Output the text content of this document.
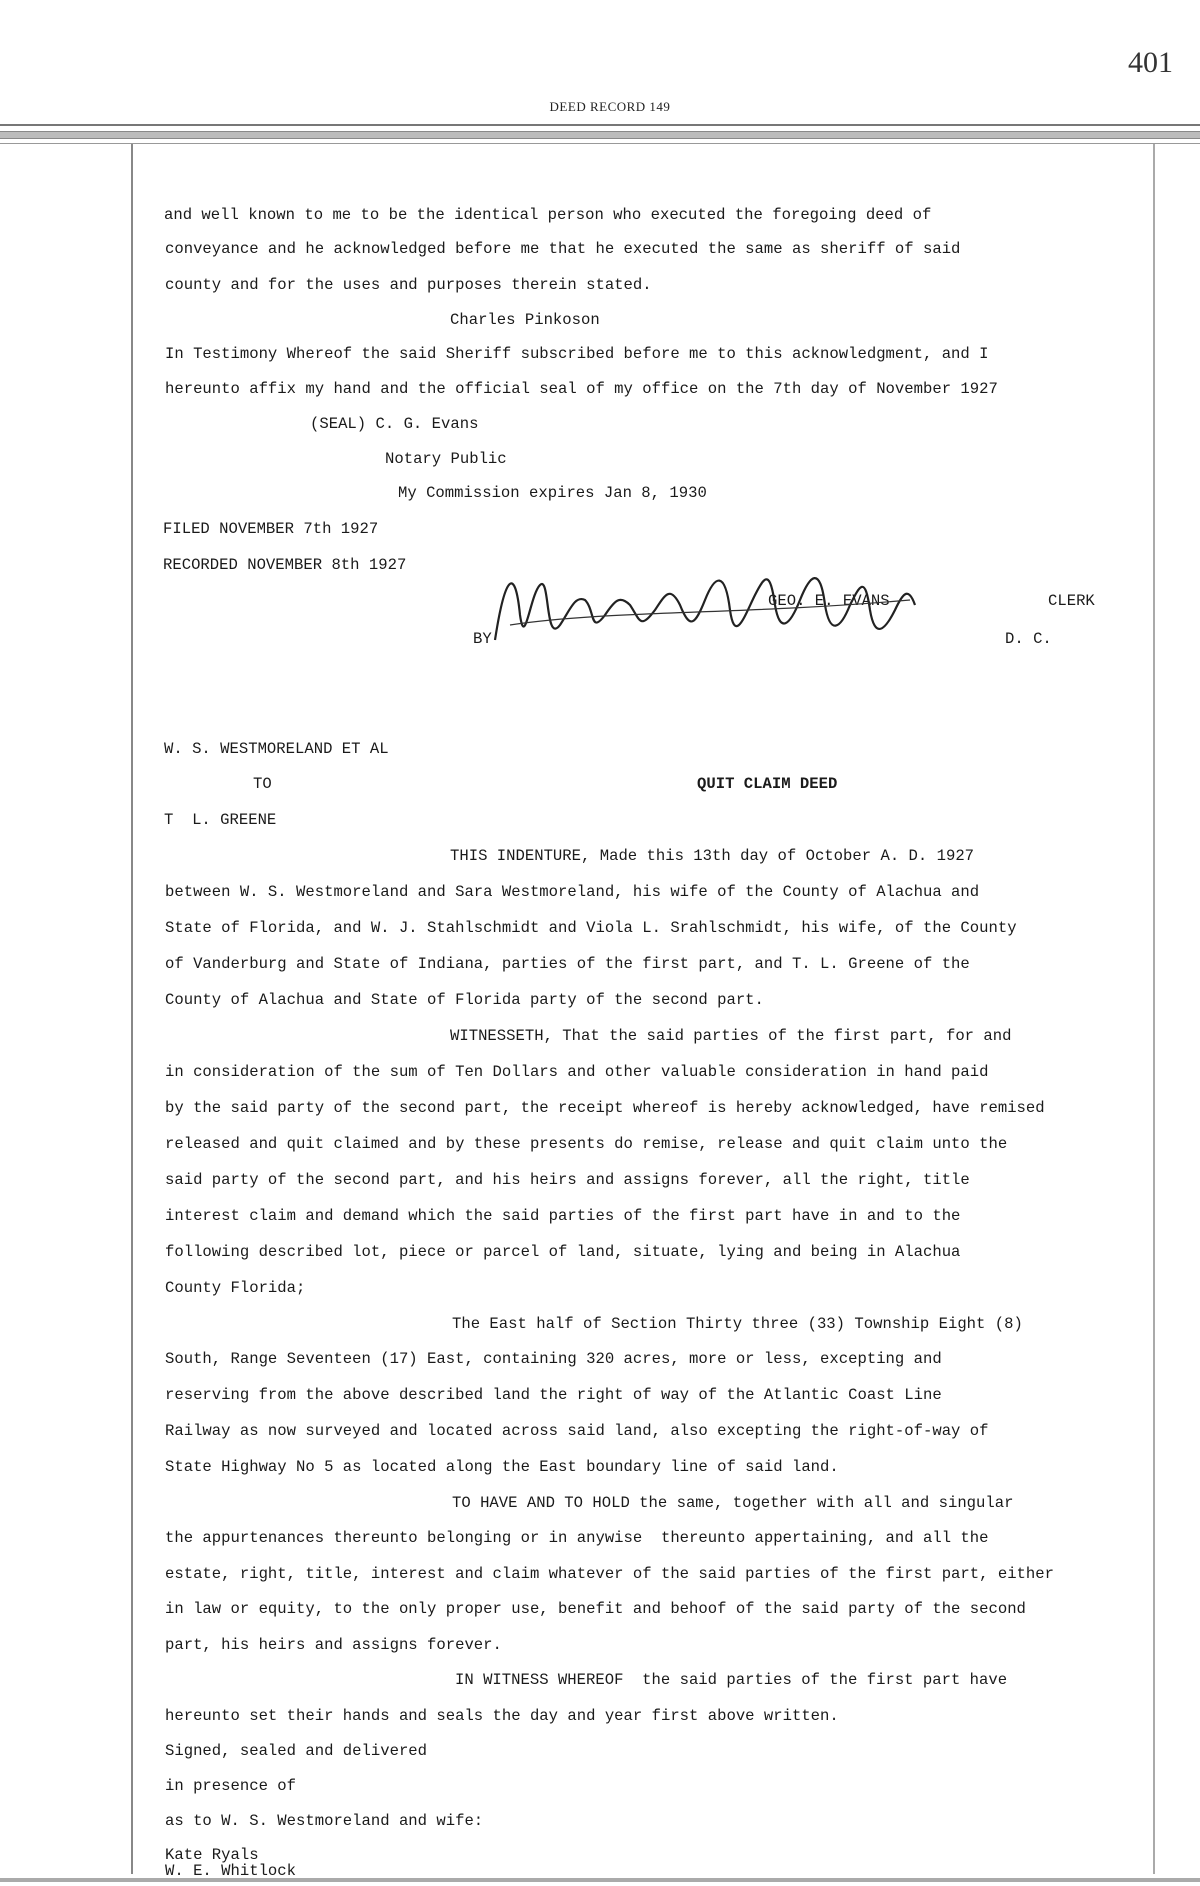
401
DEED RECORD 149
and well known to me to be the identical person who executed the foregoing deed of
conveyance and he acknowledged before me that he executed the same as sheriff of said
county and for the uses and purposes therein stated.
Charles Pinkoson
In Testimony Whereof the said Sheriff subscribed before me to this acknowledgment, and I
hereunto affix my hand and the official seal of my office on the 7th day of November 1927
(SEAL) C. G. Evans
Notary Public
My Commission expires Jan 8, 1930
FILED NOVEMBER 7th 1927
RECORDED NOVEMBER 8th 1927
GEO. E. EVANS	CLERK
BY	D. C.
W. S. WESTMORELAND ET AL
TO	QUIT CLAIM DEED
T  L. GREENE
THIS INDENTURE, Made this 13th day of October A. D. 1927
between W. S. Westmoreland and Sara Westmoreland, his wife of the County of Alachua and
State of Florida, and W. J. Stahlschmidt and Viola L. Srahlschmidt, his wife, of the County
of Vanderburg and State of Indiana, parties of the first part, and T. L. Greene of the
County of Alachua and State of Florida party of the second part.
WITNESSETH, That the said parties of the first part, for and
in consideration of the sum of Ten Dollars and other valuable consideration in hand paid
by the said party of the second part, the receipt whereof is hereby acknowledged, have remised
released and quit claimed and by these presents do remise, release and quit claim unto the
said party of the second part, and his heirs and assigns forever, all the right, title
interest claim and demand which the said parties of the first part have in and to the
following described lot, piece or parcel of land, situate, lying and being in Alachua
County Florida;
The East half of Section Thirty three (33) Township Eight (8)
South, Range Seventeen (17) East, containing 320 acres, more or less, excepting and
reserving from the above described land the right of way of the Atlantic Coast Line
Railway as now surveyed and located across said land, also excepting the right-of-way of
State Highway No 5 as located along the East boundary line of said land.
TO HAVE AND TO HOLD the same, together with all and singular
the appurtenances thereunto belonging or in anywise  thereunto appertaining, and all the
estate, right, title, interest and claim whatever of the said parties of the first part, either
in law or equity, to the only proper use, benefit and behoof of the said party of the second
part, his heirs and assigns forever.
IN WITNESS WHEREOF  the said parties of the first part have
hereunto set their hands and seals the day and year first above written.
Signed, sealed and delivered
in presence of
as to W. S. Westmoreland and wife:
Kate Ryals
W. E. Whitlock
